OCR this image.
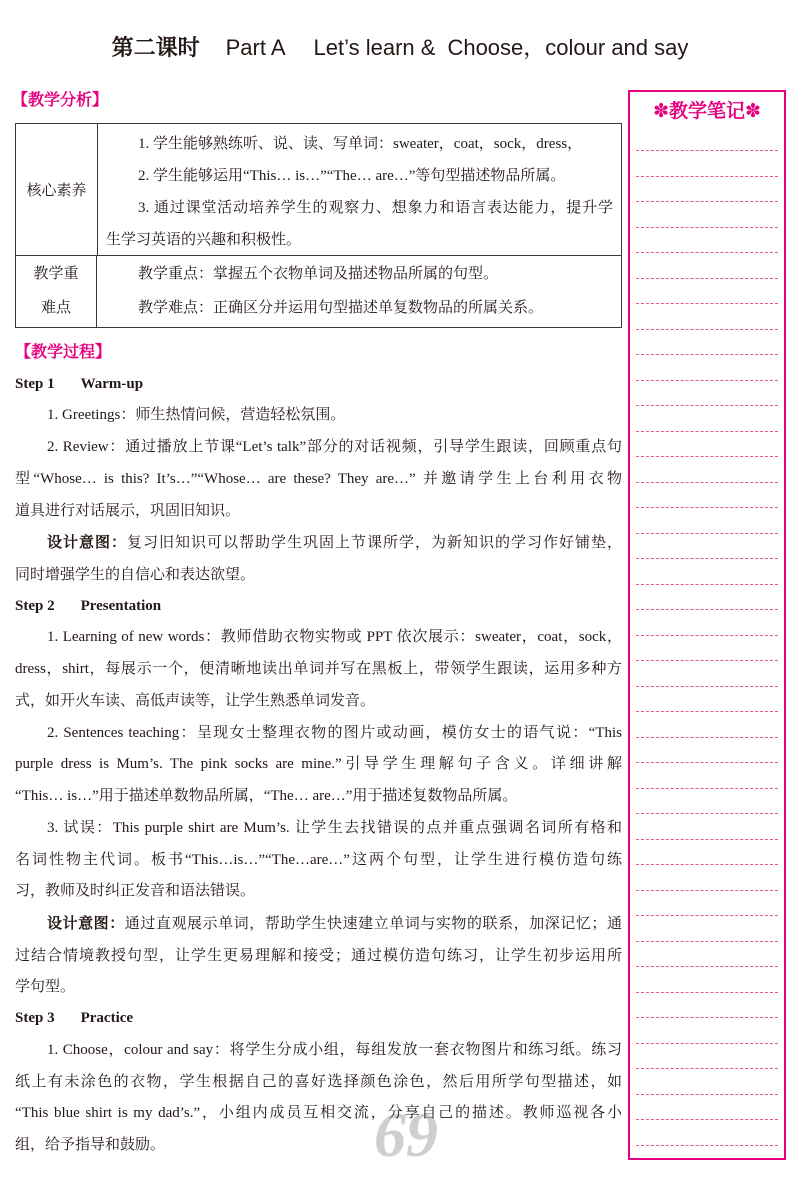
69
第二课时 Part A Let’s learn & Choose，colour and say
【教学分析】
核心素养
1. 学生能够熟练听、说、读、写单词：sweater，coat，sock，dress，
2. 学生能够运用“This… is…”“The… are…”等句型描述物品所属。
3. 通过课堂活动培养学生的观察力、想象力和语言表达能力，提升学
生学习英语的兴趣和积极性。
教学重
难点
教学重点：掌握五个衣物单词及描述物品所属的句型。
教学难点：正确区分并运用句型描述单复数物品的所属关系。
【教学过程】
Step 1 Warm-up
1. Greetings：师生热情问候，营造轻松氛围。
2. Review：通过播放上节课“Let’s talk”部分的对话视频，引导学生跟读，回顾重点句
型“Whose… is this? It’s…”“Whose… are these? They are…” 并邀请学生上台利用衣物
道具进行对话展示，巩固旧知识。
设计意图：复习旧知识可以帮助学生巩固上节课所学，为新知识的学习作好铺垫，
同时增强学生的自信心和表达欲望。
Step 2 Presentation
1. Learning of new words：教师借助衣物实物或 PPT 依次展示：sweater，coat，sock，
dress，shirt，每展示一个，便清晰地读出单词并写在黑板上，带领学生跟读，运用多种方
式，如开火车读、高低声读等，让学生熟悉单词发音。
2. Sentences teaching：呈现女士整理衣物的图片或动画，模仿女士的语气说：“This
purple dress is Mum’s. The pink socks are mine.”引导学生理解句子含义。详细讲解
“This… is…”用于描述单数物品所属，“The… are…”用于描述复数物品所属。
3. 试误：This purple shirt are Mum’s. 让学生去找错误的点并重点强调名词所有格和
名词性物主代词。板书“This…is…”“The…are…”这两个句型，让学生进行模仿造句练
习，教师及时纠正发音和语法错误。
设计意图：通过直观展示单词，帮助学生快速建立单词与实物的联系，加深记忆；通
过结合情境教授句型，让学生更易理解和接受；通过模仿造句练习，让学生初步运用所
学句型。
Step 3 Practice
1. Choose，colour and say：将学生分成小组，每组发放一套衣物图片和练习纸。练习
纸上有未涂色的衣物，学生根据自己的喜好选择颜色涂色，然后用所学句型描述，如
“This blue shirt is my dad’s.”，小组内成员互相交流，分享自己的描述。教师巡视各小
组，给予指导和鼓励。
✽ 教学笔记✽
